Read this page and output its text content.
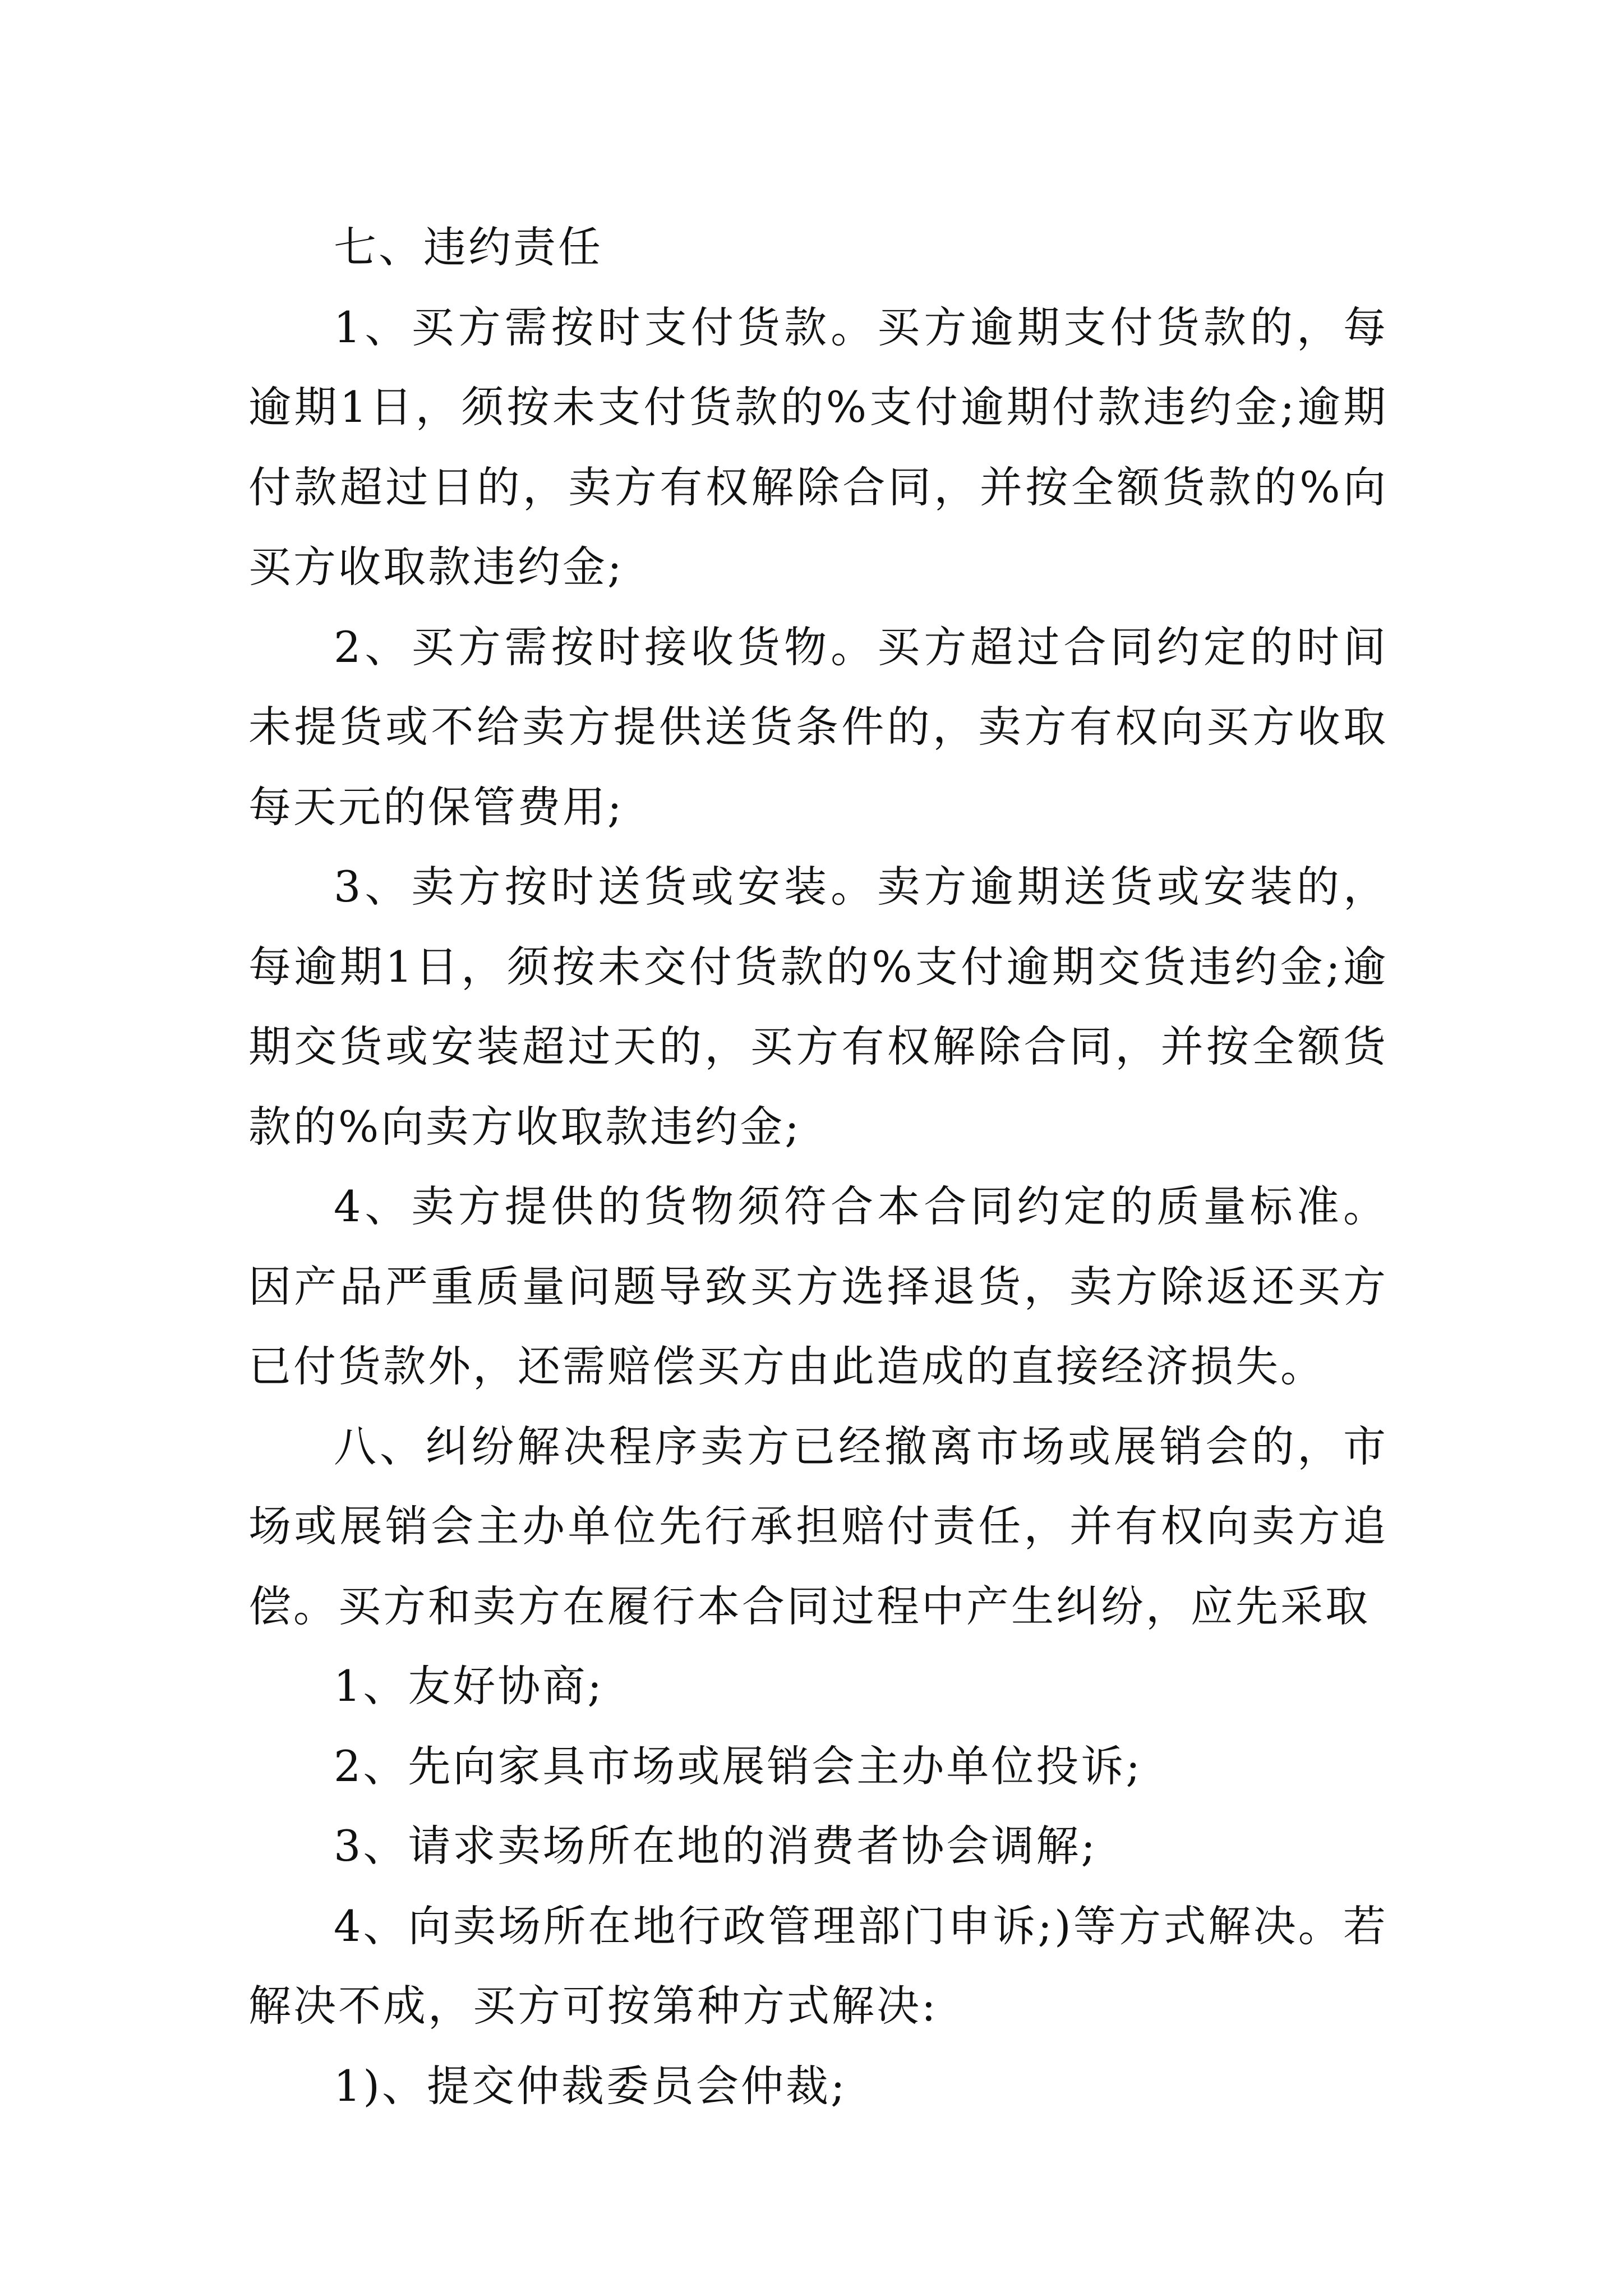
七、违约责任

1、买方需按时支付货款。买方逾期支付货款的，每逾期1日，须按未支付货款的%支付逾期付款违约金;逾期付款超过日的，卖方有权解除合同，并按全额货款的%向买方收取款违约金;

2、买方需按时接收货物。买方超过合同约定的时间未提货或不给卖方提供送货条件的，卖方有权向买方收取每天元的保管费用;

3、卖方按时送货或安装。卖方逾期送货或安装的，每逾期1日，须按未交付货款的%支付逾期交货违约金;逾期交货或安装超过天的，买方有权解除合同，并按全额货款的%向卖方收取款违约金;

4、卖方提供的货物须符合本合同约定的质量标准。因产品严重质量问题导致买方选择退货，卖方除返还买方已付货款外，还需赔偿买方由此造成的直接经济损失。

八、纠纷解决程序卖方已经撤离市场或展销会的，市场或展销会主办单位先行承担赔付责任，并有权向卖方追偿。买方和卖方在履行本合同过程中产生纠纷，应先采取

1、友好协商;

2、先向家具市场或展销会主办单位投诉;

3、请求卖场所在地的消费者协会调解;

4、向卖场所在地行政管理部门申诉;)等方式解决。若解决不成，买方可按第种方式解决:

1)、提交仲裁委员会仲裁;
